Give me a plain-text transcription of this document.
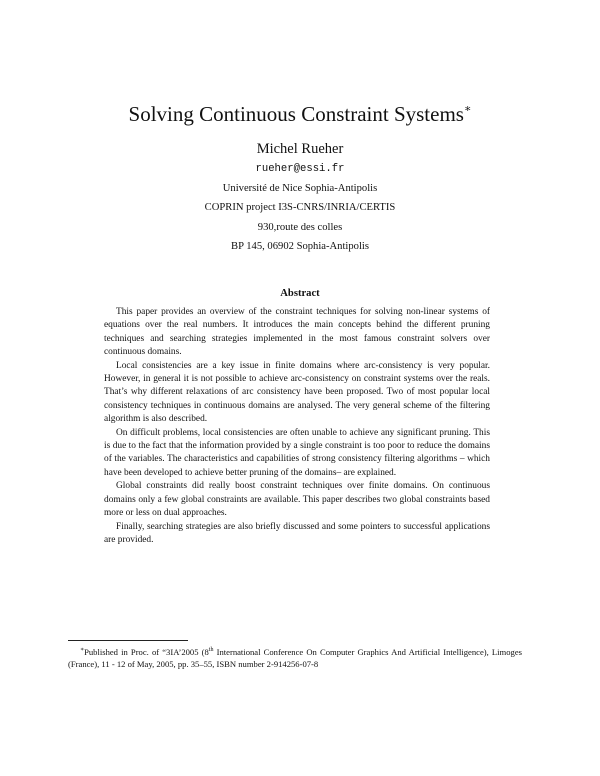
Solving Continuous Constraint Systems∗
Michel Rueher
rueher@essi.fr
Université de Nice Sophia-Antipolis
COPRIN project I3S-CNRS/INRIA/CERTIS
930,route des colles
BP 145, 06902 Sophia-Antipolis
Abstract

This paper provides an overview of the constraint techniques for solving non-linear systems of equations over the real numbers. It introduces the main concepts behind the different pruning techniques and searching strategies implemented in the most famous constraint solvers over continuous domains.

Local consistencies are a key issue in finite domains where arc-consistency is very popular. However, in general it is not possible to achieve arc-consistency on constraint systems over the reals. That’s why different relaxations of arc consistency have been proposed. Two of most popular local consistency techniques in continuous domains are analysed. The very general scheme of the filtering algorithm is also described.

On difficult problems, local consistencies are often unable to achieve any significant pruning. This is due to the fact that the information provided by a single constraint is too poor to reduce the domains of the variables. The characteristics and capabilities of strong consistency filtering algorithms – which have been developed to achieve better pruning of the domains– are explained.

Global constraints did really boost constraint techniques over finite domains. On continuous domains only a few global constraints are available. This paper describes two global constraints based more or less on dual approaches.

Finally, searching strategies are also briefly discussed and some pointers to successful applications are provided.

∗Published in Proc. of “3IA’2005 (8th International Conference On Computer Graphics And Artificial Intelligence), Limoges (France), 11 - 12 of May, 2005, pp. 35–55, ISBN number 2-914256-07-8
